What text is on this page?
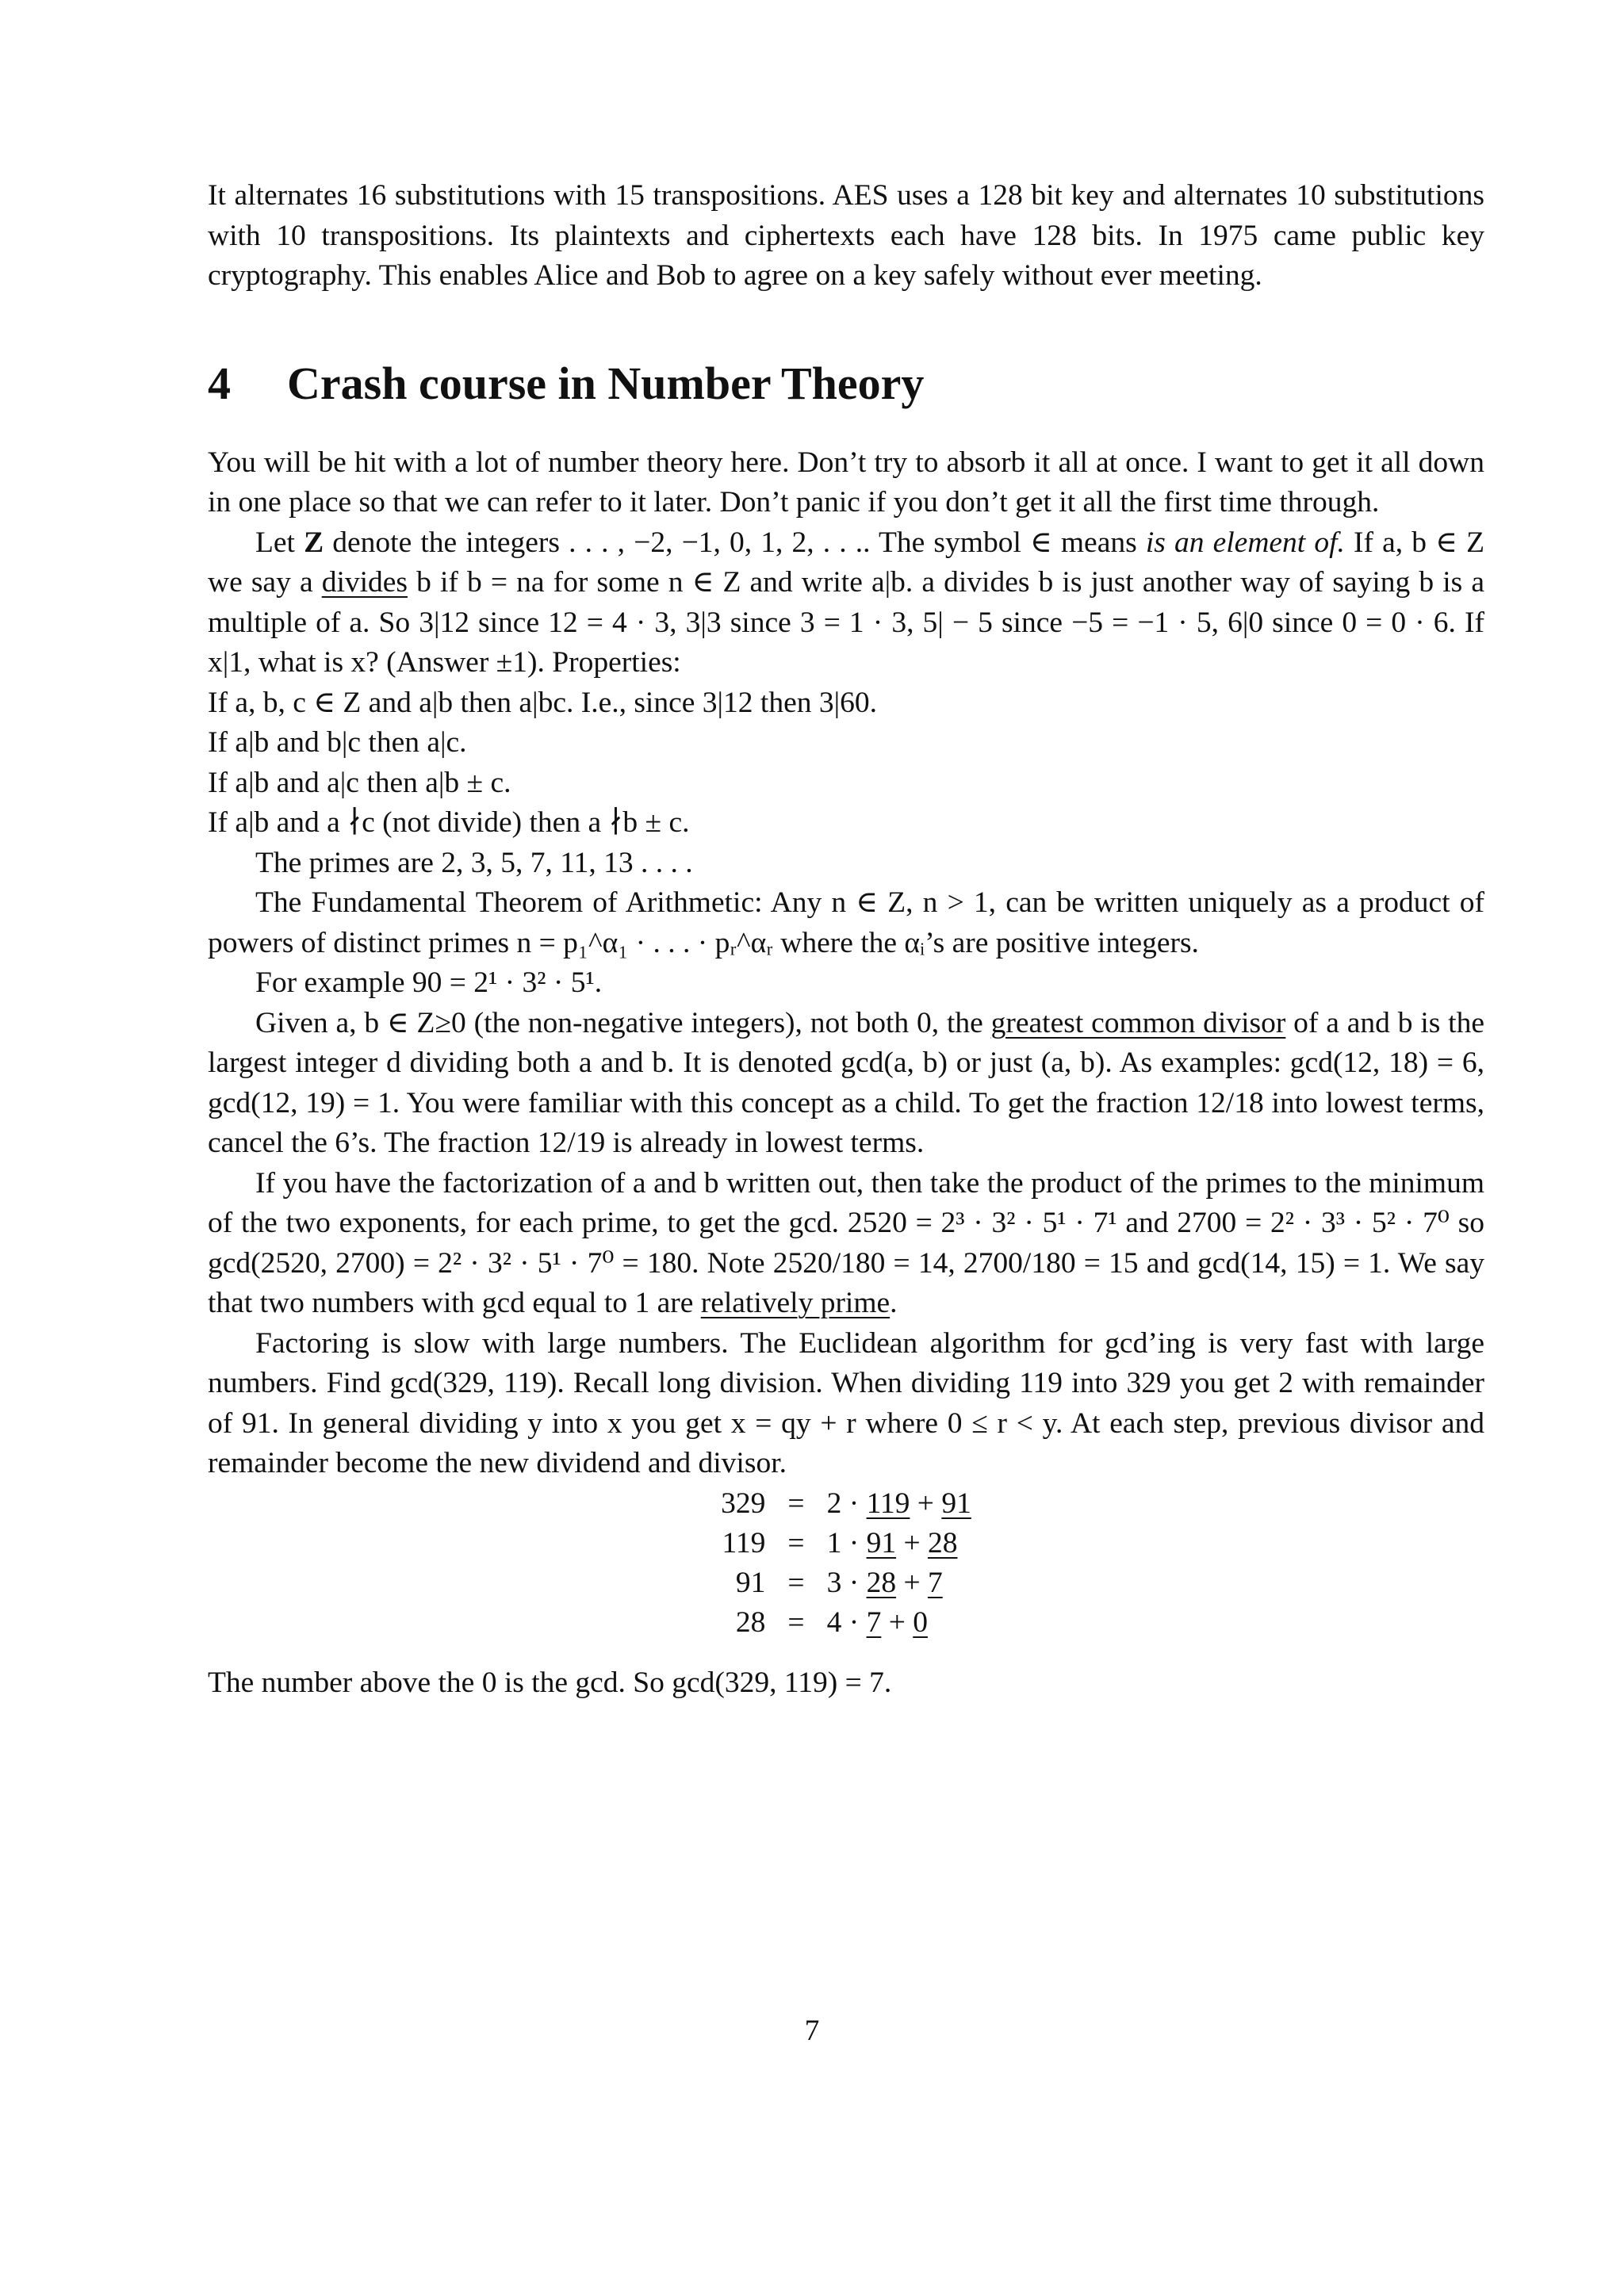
It alternates 16 substitutions with 15 transpositions. AES uses a 128 bit key and alternates 10 substitutions with 10 transpositions. Its plaintexts and ciphertexts each have 128 bits. In 1975 came public key cryptography. This enables Alice and Bob to agree on a key safely without ever meeting.

4	Crash course in Number Theory

You will be hit with a lot of number theory here. Don’t try to absorb it all at once. I want to get it all down in one place so that we can refer to it later. Don’t panic if you don’t get it all the first time through.

Let Z denote the integers . . . , −2, −1, 0, 1, 2, . . .. The symbol ∈ means is an element of. If a, b ∈ Z we say a divides b if b = na for some n ∈ Z and write a|b. a divides b is just another way of saying b is a multiple of a. So 3|12 since 12 = 4 · 3, 3|3 since 3 = 1 · 3, 5| − 5 since −5 = −1 · 5, 6|0 since 0 = 0 · 6. If x|1, what is x? (Answer ±1). Properties:

If a, b, c ∈ Z and a|b then a|bc. I.e., since 3|12 then 3|60.

If a|b and b|c then a|c.

If a|b and a|c then a|b ± c.

If a|b and a ∤c (not divide) then a ∤b ± c.

The primes are 2, 3, 5, 7, 11, 13 . . . .

The Fundamental Theorem of Arithmetic: Any n ∈ Z, n > 1, can be written uniquely as a product of powers of distinct primes n = p₁^α₁ · . . . · pᵣ^αᵣ where the αᵢ’s are positive integers.

For example 90 = 2¹ · 3² · 5¹.

Given a, b ∈ Z≥0 (the non-negative integers), not both 0, the greatest common divisor of a and b is the largest integer d dividing both a and b. It is denoted gcd(a, b) or just (a, b). As examples: gcd(12, 18) = 6, gcd(12, 19) = 1. You were familiar with this concept as a child. To get the fraction 12/18 into lowest terms, cancel the 6’s. The fraction 12/19 is already in lowest terms.

If you have the factorization of a and b written out, then take the product of the primes to the minimum of the two exponents, for each prime, to get the gcd. 2520 = 2³ · 3² · 5¹ · 7¹ and 2700 = 2² · 3³ · 5² · 7⁰ so gcd(2520, 2700) = 2² · 3² · 5¹ · 7⁰ = 180. Note 2520/180 = 14, 2700/180 = 15 and gcd(14, 15) = 1. We say that two numbers with gcd equal to 1 are relatively prime.

Factoring is slow with large numbers. The Euclidean algorithm for gcd’ing is very fast with large numbers. Find gcd(329, 119). Recall long division. When dividing 119 into 329 you get 2 with remainder of 91. In general dividing y into x you get x = qy + r where 0 ≤ r < y. At each step, previous divisor and remainder become the new dividend and divisor.

329	=	2 · 119 + 91
119	=	1 · 91 + 28
91	=	3 · 28 + 7
28	=	4 · 7 + 0

The number above the 0 is the gcd. So gcd(329, 119) = 7.

7
